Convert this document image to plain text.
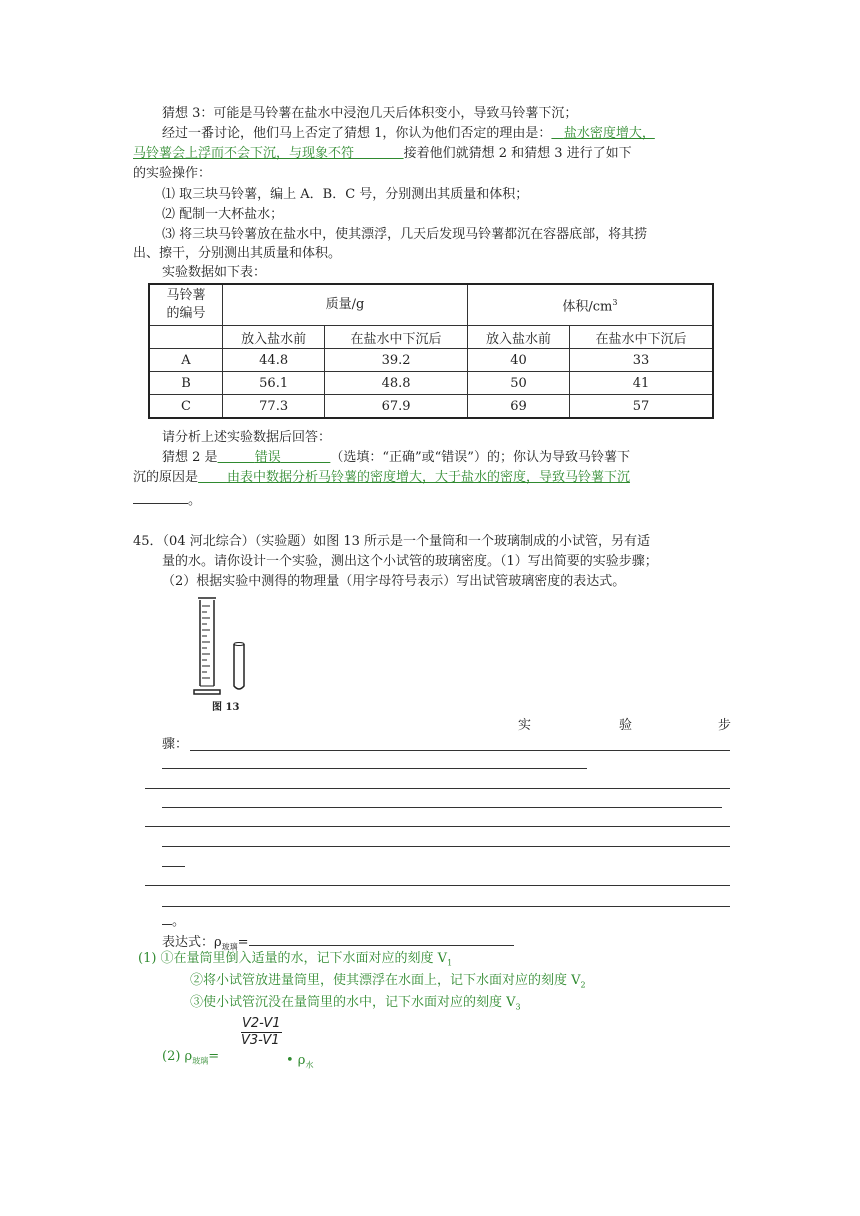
猜想 3：可能是马铃薯在盐水中浸泡几天后体积变小，导致马铃薯下沉；
经过一番讨论，他们马上否定了猜想 1，你认为他们否定的理由是： 盐水密度增大，
马铃薯会上浮而不会下沉，与现象不符	接着他们就猜想 2 和猜想 3 进行了如下
的实验操作：
⑴ 取三块马铃薯，编上 A．B．C 号，分别测出其质量和体积；
⑵ 配制一大杯盐水；
⑶ 将三块马铃薯放在盐水中，使其漂浮，几天后发现马铃薯都沉在容器底部，将其捞
出、擦干，分别测出其质量和体积。
实验数据如下表：
马铃薯
的编号	质量/g		体积$/cm^3$
	放入盐水前	在盐水中下沉后	放入盐水前	在盐水中下沉后
A	44.8	39.2	40	33
B	56.1	48.8	50	41
C	77.3	67.9	69	57
请分析上述实验数据后回答：
猜想 2 是	错误	（选填：“正确”或“错误”）的；你认为导致马铃薯下
沉的原因是 由表中数据分析马铃薯的密度增大，大于盐水的密度，导致马铃薯下沉
。
45．（04 河北综合）（实验题）如图 13 所示是一个量筒和一个玻璃制成的小试管，另有适
量的水。请你设计一个实验，测出这个小试管的玻璃密度。（1）写出简要的实验步骤；
（2）根据实验中测得的物理量（用字母符号表示）写出试管玻璃密度的表达式。
图 13
实	验	步
骤：
。
表达式：$\rho_{玻璃}=$
(1) ①在量筒里倒入适量的水，记下水面对应的刻度 $V_1$
②将小试管放进量筒里，使其漂浮在水面上，记下水面对应的刻度 $V_2$
③使小试管沉没在量筒里的水中，记下水面对应的刻度 $V_3$
(2) $\rho_{玻璃}=$
$\frac{V2-V1}{V3-V1}$
• $\rho_水$
